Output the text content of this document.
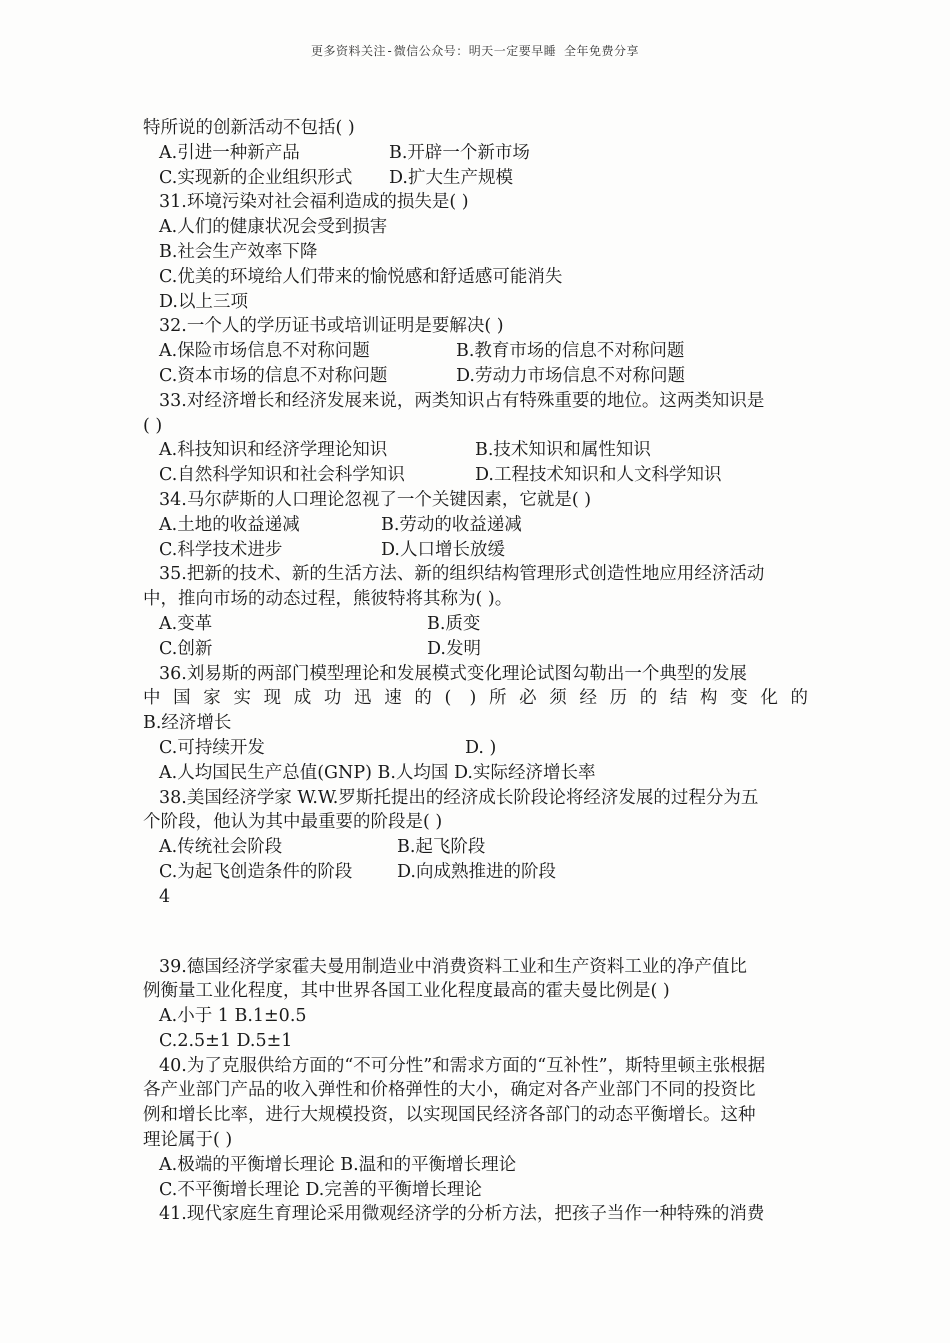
更多资料关注-微信公众号：明天一定要早睡 全年免费分享
特所说的创新活动不包括( )
A.引进一种新产品	B.开辟一个新市场
C.实现新的企业组织形式 D.扩大生产规模
31.环境污染对社会福利造成的损失是( )
A.人们的健康状况会受到损害
B.社会生产效率下降
C.优美的环境给人们带来的愉悦感和舒适感可能消失
D.以上三项
32.一个人的学历证书或培训证明是要解决( )
A.保险市场信息不对称问题	B.教育市场的信息不对称问题
C.资本市场的信息不对称问题	D.劳动力市场信息不对称问题
33.对经济增长和经济发展来说，两类知识占有特殊重要的地位。这两类知识是
( )
A.科技知识和经济学理论知识	B.技术知识和属性知识
C.自然科学知识和社会科学知识	D.工程技术知识和人文科学知识
34.马尔萨斯的人口理论忽视了一个关键因素，它就是( )
A.土地的收益递减	B.劳动的收益递减
C.科学技术进步	D.人口增长放缓
35.把新的技术、新的生活方法、新的组织结构管理形式创造性地应用经济活动
中，推向市场的动态过程，熊彼特将其称为( )。
A.变革	B.质变
C.创新	D.发明
36.刘易斯的两部门模型理论和发展模式变化理论试图勾勒出一个典型的发展
中国家实现成功迅速的( )所必须经历的结构变化的
B.经济增长
C.可持续开发	D. )
A.人均国民生产总值(GNP) B.人均国 D.实际经济增长率
38.美国经济学家 W.W.罗斯托提出的经济成长阶段论将经济发展的过程分为五
个阶段，他认为其中最重要的阶段是( )
A.传统社会阶段	B.起飞阶段
C.为起飞创造条件的阶段	D.向成熟推进的阶段
4
39.德国经济学家霍夫曼用制造业中消费资料工业和生产资料工业的净产值比
例衡量工业化程度，其中世界各国工业化程度最高的霍夫曼比例是( )
A.小于 1 B.1±0.5
C.2.5±1 D.5±1
40.为了克服供给方面的“不可分性”和需求方面的“互补性”，斯特里顿主张根据
各产业部门产品的收入弹性和价格弹性的大小，确定对各产业部门不同的投资比
例和增长比率，进行大规模投资，以实现国民经济各部门的动态平衡增长。这种
理论属于( )
A.极端的平衡增长理论 B.温和的平衡增长理论
C.不平衡增长理论 D.完善的平衡增长理论
41.现代家庭生育理论采用微观经济学的分析方法，把孩子当作一种特殊的消费
